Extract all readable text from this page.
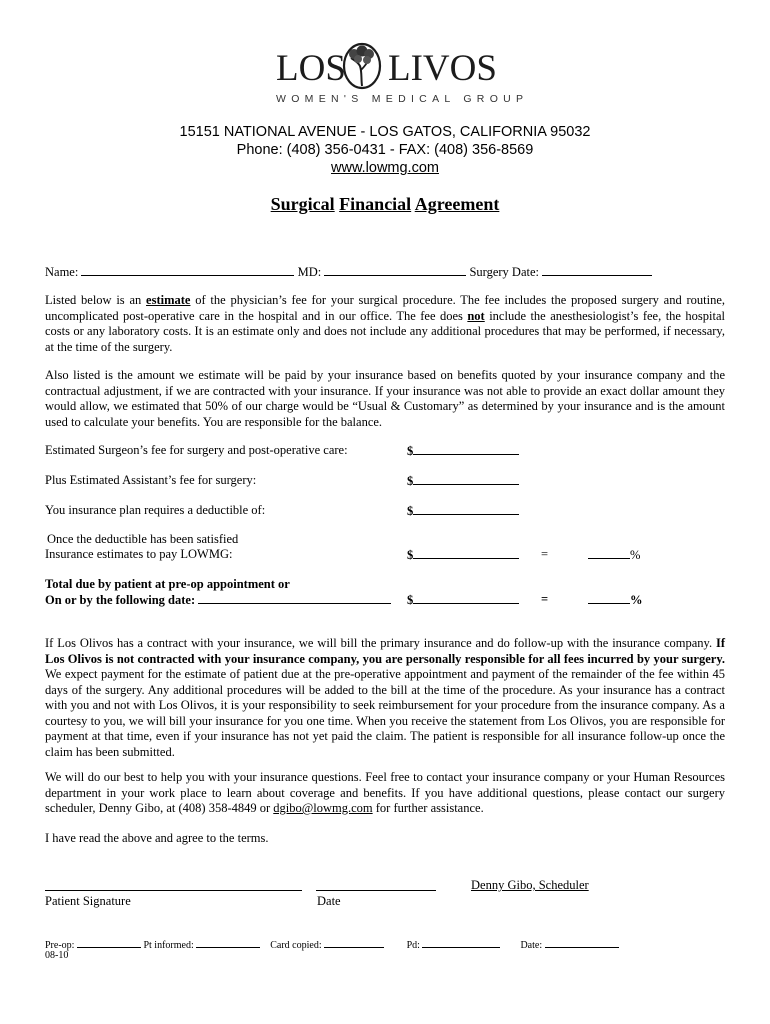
LOS LIVOS
WOMEN'S MEDICAL GROUP
15151 NATIONAL AVENUE - LOS GATOS, CALIFORNIA 95032
Phone: (408) 356-0431 - FAX: (408) 356-8569
www.lowmg.com
Surgical Financial Agreement
Name:	MD:	Surgery Date:
Listed below is an estimate of the physician’s fee for your surgical procedure. The fee includes the proposed surgery and routine, uncomplicated post-operative care in the hospital and in our office. The fee does not include the anesthesiologist’s fee, the hospital costs or any laboratory costs. It is an estimate only and does not include any additional procedures that may be performed, if necessary, at the time of the surgery.
Also listed is the amount we estimate will be paid by your insurance based on benefits quoted by your insurance company and the contractual adjustment, if we are contracted with your insurance. If your insurance was not able to provide an exact dollar amount they would allow, we estimated that 50% of our charge would be “Usual & Customary” as determined by your insurance and is the amount used to calculate your benefits. You are responsible for the balance.
Estimated Surgeon’s fee for surgery and post-operative care:	$
Plus Estimated Assistant’s fee for surgery:	$
You insurance plan requires a deductible of:	$
Once the deductible has been satisfied
Insurance estimates to pay LOWMG:	$	=	%
Total due by patient at pre-op appointment or
On or by the following date:	$	=	%
If Los Olivos has a contract with your insurance, we will bill the primary insurance and do follow-up with the insurance company. If Los Olivos is not contracted with your insurance company, you are personally responsible for all fees incurred by your surgery. We expect payment for the estimate of patient due at the pre-operative appointment and payment of the remainder of the fee within 45 days of the surgery. Any additional procedures will be added to the bill at the time of the procedure. As your insurance has a contract with you and not with Los Olivos, it is your responsibility to seek reimbursement for your procedure from the insurance company. As a courtesy to you, we will bill your insurance for you one time. When you receive the statement from Los Olivos, you are responsible for payment at that time, even if your insurance has not yet paid the claim. The patient is responsible for all insurance follow-up once the claim has been submitted.
We will do our best to help you with your insurance questions. Feel free to contact your insurance company or your Human Resources department in your work place to learn about coverage and benefits. If you have additional questions, please contact our surgery scheduler, Denny Gibo, at (408) 358-4849 or dgibo@lowmg.com for further assistance.
I have read the above and agree to the terms.
Patient Signature	Date
Denny Gibo, Scheduler
Pre-op:	Pt informed:	Card copied:	Pd:	Date:
08-10
